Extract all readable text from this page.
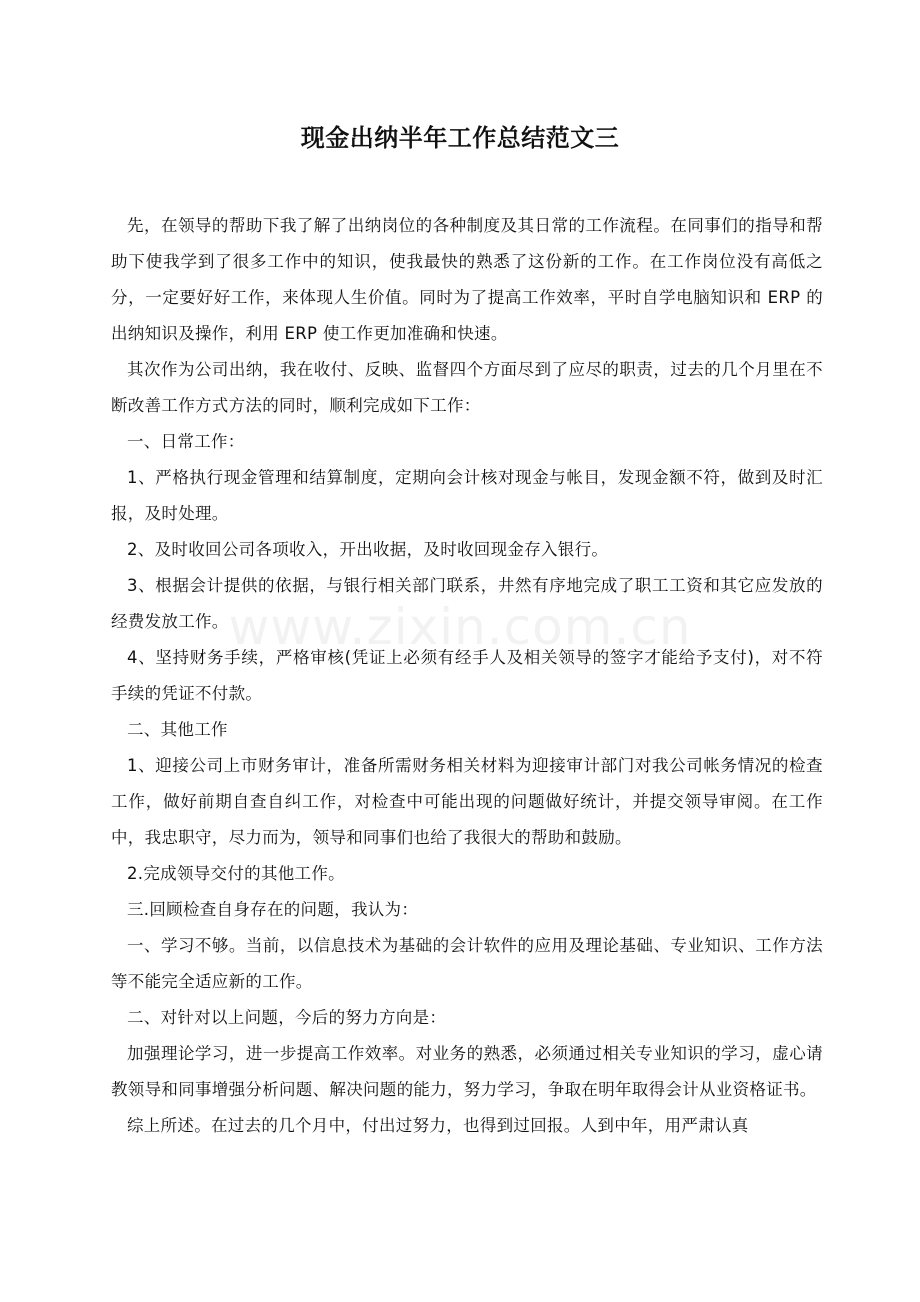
现金出纳半年工作总结范文三
www.zixin.com.cn

先，在领导的帮助下我了解了出纳岗位的各种制度及其日常的工作流程。在同事们的指导和帮助下使我学到了很多工作中的知识，使我最快的熟悉了这份新的工作。在工作岗位没有高低之分，一定要好好工作，来体现人生价值。同时为了提高工作效率，平时自学电脑知识和 ERP 的出纳知识及操作，利用 ERP 使工作更加准确和快速。

其次作为公司出纳，我在收付、反映、监督四个方面尽到了应尽的职责，过去的几个月里在不断改善工作方式方法的同时，顺利完成如下工作：

一、日常工作：

1、严格执行现金管理和结算制度，定期向会计核对现金与帐目，发现金额不符，做到及时汇报，及时处理。

2、及时收回公司各项收入，开出收据，及时收回现金存入银行。

3、根据会计提供的依据，与银行相关部门联系，井然有序地完成了职工工资和其它应发放的经费发放工作。

4、坚持财务手续，严格审核(凭证上必须有经手人及相关领导的签字才能给予支付)，对不符手续的凭证不付款。

二、其他工作

1、迎接公司上市财务审计，准备所需财务相关材料为迎接审计部门对我公司帐务情况的检查工作，做好前期自查自纠工作，对检查中可能出现的问题做好统计，并提交领导审阅。在工作中，我忠职守，尽力而为，领导和同事们也给了我很大的帮助和鼓励。

2.完成领导交付的其他工作。

三.回顾检查自身存在的问题，我认为：

一、学习不够。当前，以信息技术为基础的会计软件的应用及理论基础、专业知识、工作方法等不能完全适应新的工作。

二、对针对以上问题，今后的努力方向是：

加强理论学习，进一步提高工作效率。对业务的熟悉，必须通过相关专业知识的学习，虚心请教领导和同事增强分析问题、解决问题的能力，努力学习，争取在明年取得会计从业资格证书。

综上所述。在过去的几个月中，付出过努力，也得到过回报。人到中年，用严肃认真
